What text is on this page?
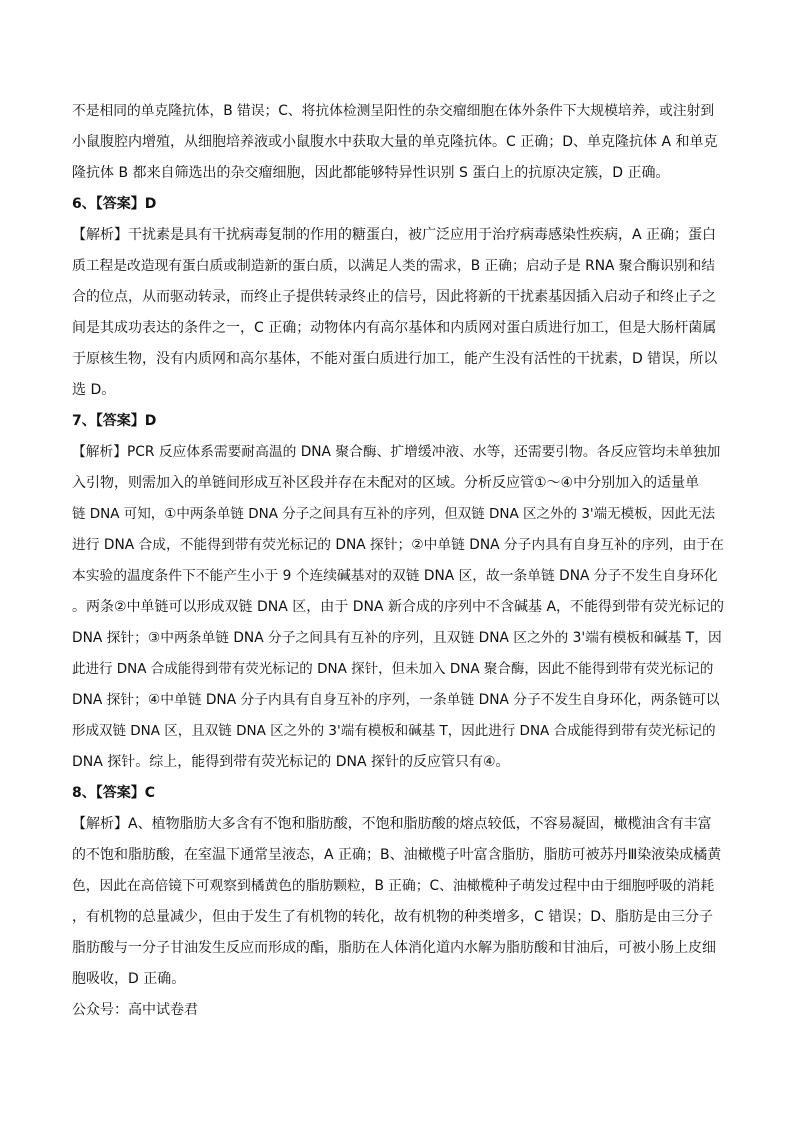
不是相同的单克隆抗体，B 错误；C、将抗体检测呈阳性的杂交瘤细胞在体外条件下大规模培养，或注射到
小鼠腹腔内增殖，从细胞培养液或小鼠腹水中获取大量的单克隆抗体。C 正确；D、单克隆抗体 A 和单克
隆抗体 B 都来自筛选出的杂交瘤细胞，因此都能够特异性识别 S 蛋白上的抗原决定簇，D 正确。
6、【答案】D
【解析】干扰素是具有干扰病毒复制的作用的糖蛋白，被广泛应用于治疗病毒感染性疾病，A 正确；蛋白
质工程是改造现有蛋白质或制造新的蛋白质，以满足人类的需求，B 正确；启动子是 RNA 聚合酶识别和结
合的位点，从而驱动转录，而终止子提供转录终止的信号，因此将新的干扰素基因插入启动子和终止子之
间是其成功表达的条件之一，C 正确；动物体内有高尔基体和内质网对蛋白质进行加工，但是大肠杆菌属
于原核生物，没有内质网和高尔基体，不能对蛋白质进行加工，能产生没有活性的干扰素，D 错误，所以
选 D。
7、【答案】D
【解析】PCR 反应体系需要耐高温的 DNA 聚合酶、扩增缓冲液、水等，还需要引物。各反应管均未单独加
入引物，则需加入的单链间形成互补区段并存在未配对的区域。分析反应管①～④中分别加入的适量单
链 DNA 可知，①中两条单链 DNA 分子之间具有互补的序列，但双链 DNA 区之外的 3'端无模板，因此无法
进行 DNA 合成，不能得到带有荧光标记的 DNA 探针；②中单链 DNA 分子内具有自身互补的序列，由于在
本实验的温度条件下不能产生小于 9 个连续碱基对的双链 DNA 区，故一条单链 DNA 分子不发生自身环化
。两条②中单链可以形成双链 DNA 区，由于 DNA 新合成的序列中不含碱基 A，不能得到带有荧光标记的
DNA 探针；③中两条单链 DNA 分子之间具有互补的序列，且双链 DNA 区之外的 3'端有模板和碱基 T，因
此进行 DNA 合成能得到带有荧光标记的 DNA 探针，但未加入 DNA 聚合酶，因此不能得到带有荧光标记的
DNA 探针；④中单链 DNA 分子内具有自身互补的序列，一条单链 DNA 分子不发生自身环化，两条链可以
形成双链 DNA 区，且双链 DNA 区之外的 3'端有模板和碱基 T，因此进行 DNA 合成能得到带有荧光标记的
DNA 探针。综上，能得到带有荧光标记的 DNA 探针的反应管只有④。
8、【答案】C
【解析】A、植物脂肪大多含有不饱和脂肪酸，不饱和脂肪酸的熔点较低，不容易凝固，橄榄油含有丰富
的不饱和脂肪酸，在室温下通常呈液态，A 正确；B、油橄榄子叶富含脂肪，脂肪可被苏丹Ⅲ染液染成橘黄
色，因此在高倍镜下可观察到橘黄色的脂肪颗粒，B 正确；C、油橄榄种子萌发过程中由于细胞呼吸的消耗
，有机物的总量减少，但由于发生了有机物的转化，故有机物的种类增多，C 错误；D、脂肪是由三分子
脂肪酸与一分子甘油发生反应而形成的酯，脂肪在人体消化道内水解为脂肪酸和甘油后，可被小肠上皮细
胞吸收，D 正确。
公众号：高中试卷君
